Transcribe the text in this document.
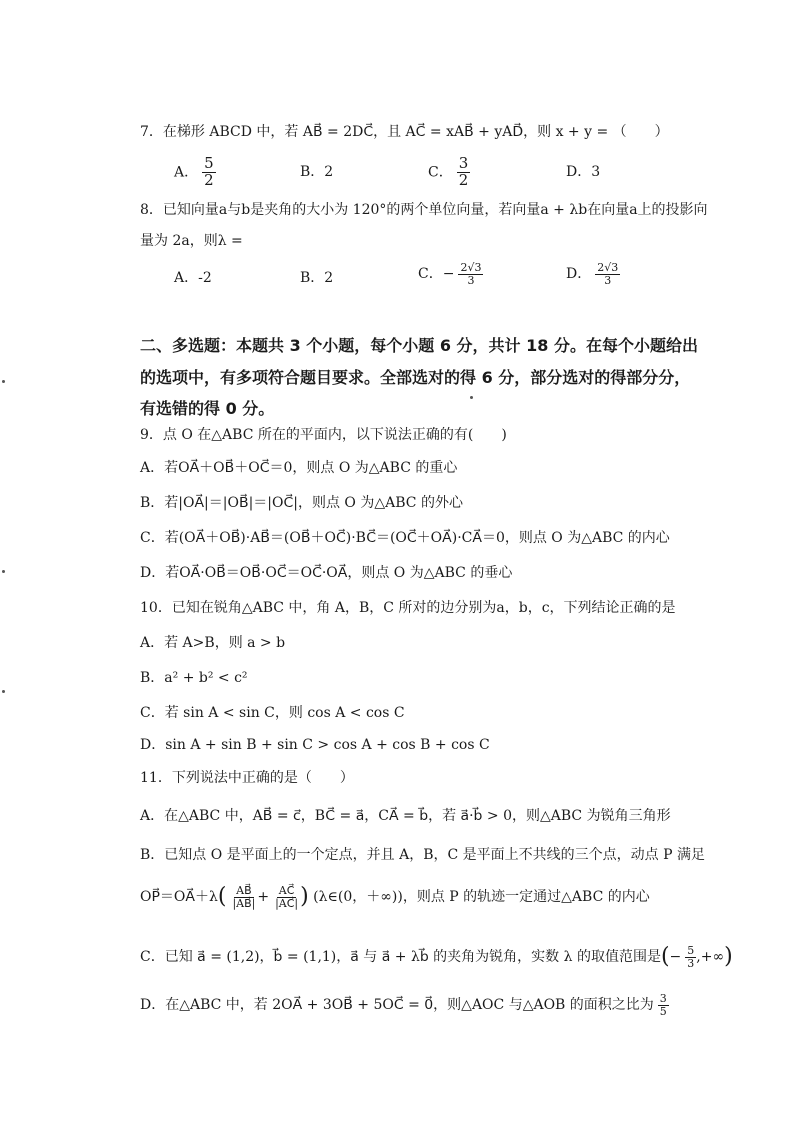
7．在梯形 ABCD 中，若 AB⃗ = 2DC⃗，且 AC⃗ = xAB⃗ + yAD⃗，则 x + y = （　　）
A． $\frac{5}{2}$	B．2	C． $\frac{3}{2}$	D．3
8．已知向量a与b是夹角的大小为 120°的两个单位向量，若向量a + λb在向量a上的投影向
量为 2a，则λ =
A．-2	B．2	C．− $\frac{2√3}{3}$	D． $\frac{2√3}{3}$
二、多选题：本题共 3 个小题，每个小题 6 分，共计 18 分。在每个小题给出
的选项中，有多项符合题目要求。全部选对的得 6 分，部分选对的得部分分，
有选错的得 0 分。
9．点 O 在△ABC 所在的平面内，以下说法正确的有(　　)
A．若OA⃗＋OB⃗＋OC⃗＝0，则点 O 为△ABC 的重心
B．若|OA⃗|＝|OB⃗|＝|OC⃗|，则点 O 为△ABC 的外心
C．若(OA⃗＋OB⃗)·AB⃗＝(OB⃗＋OC⃗)·BC⃗＝(OC⃗＋OA⃗)·CA⃗＝0，则点 O 为△ABC 的内心
D．若OA⃗·OB⃗＝OB⃗·OC⃗＝OC⃗·OA⃗，则点 O 为△ABC 的垂心
10．已知在锐角△ABC 中，角 A，B，C 所对的边分别为a，b，c，下列结论正确的是
A．若 A>B，则 a > b
B．a² + b² < c²
C．若 sin A < sin C，则 cos A < cos C
D．sin A + sin B + sin C > cos A + cos B + cos C
11．下列说法中正确的是（　　）
A．在△ABC 中，AB⃗ = c⃗，BC⃗ = a⃗，CA⃗ = b⃗，若 a⃗·b⃗ > 0，则△ABC 为锐角三角形
B．已知点 O 是平面上的一个定点，并且 A，B，C 是平面上不共线的三个点，动点 P 满足
OP⃗＝OA⃗＋λ( $\frac{AB⃗}{|AB⃗|} + \frac{AC⃗}{|AC⃗|}$ ) (λ∈(0，＋∞))，则点 P 的轨迹一定通过△ABC 的内心
C．已知 a⃗ = (1,2)，b⃗ = (1,1)，a⃗ 与 a⃗ + λb⃗ 的夹角为锐角，实数 λ 的取值范围是(− $\frac{5}{3}$ ,+∞)
D．在△ABC 中，若 2OA⃗ + 3OB⃗ + 5OC⃗ = 0⃗，则△AOC 与△AOB 的面积之比为 $\frac{3}{5}$
